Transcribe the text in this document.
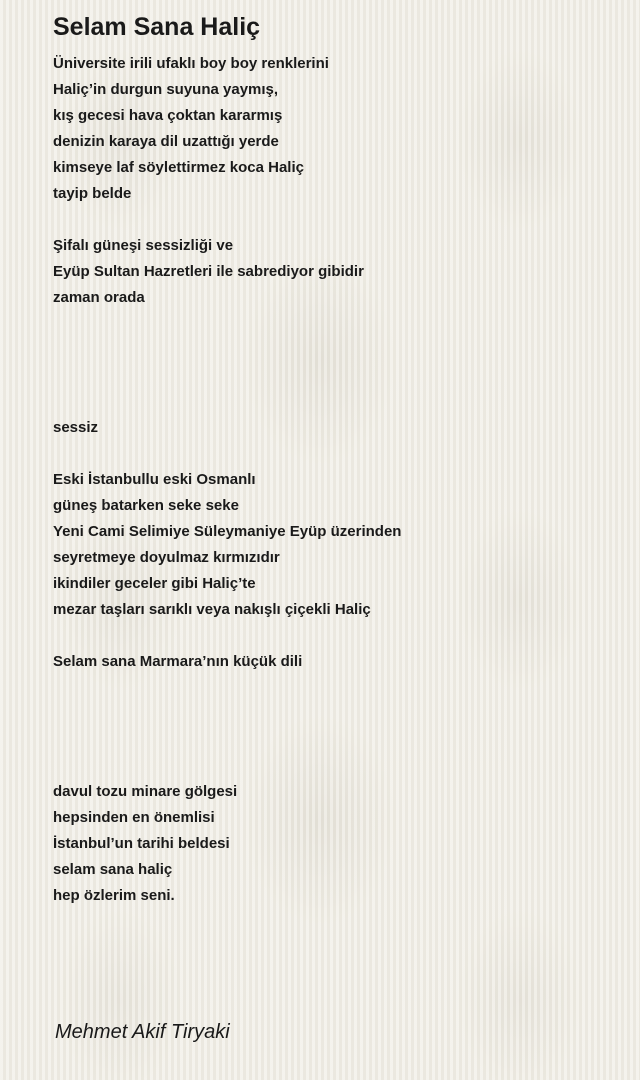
Selam Sana Haliç
Üniversite irili ufaklı boy boy renklerini
Haliç’in durgun suyuna yaymış,
kış gecesi hava çoktan kararmış
denizin karaya dil uzattığı yerde
kimseye laf söylettirmez koca Haliç
tayip belde
Şifalı güneşi sessizliği ve
Eyüp Sultan Hazretleri ile sabrediyor gibidir
zaman orada
sessiz
Eski İstanbullu eski Osmanlı
güneş batarken seke seke
Yeni Cami Selimiye Süleymaniye Eyüp üzerinden
seyretmeye doyulmaz kırmızıdır
ikindiler geceler gibi Haliç’te
mezar taşları sarıklı veya nakışlı çiçekli Haliç
Selam sana Marmara’nın küçük dili
davul tozu minare gölgesi
hepsinden en önemlisi
İstanbul’un tarihi beldesi
selam sana haliç
hep özlerim seni.
Mehmet Akif Tiryaki
